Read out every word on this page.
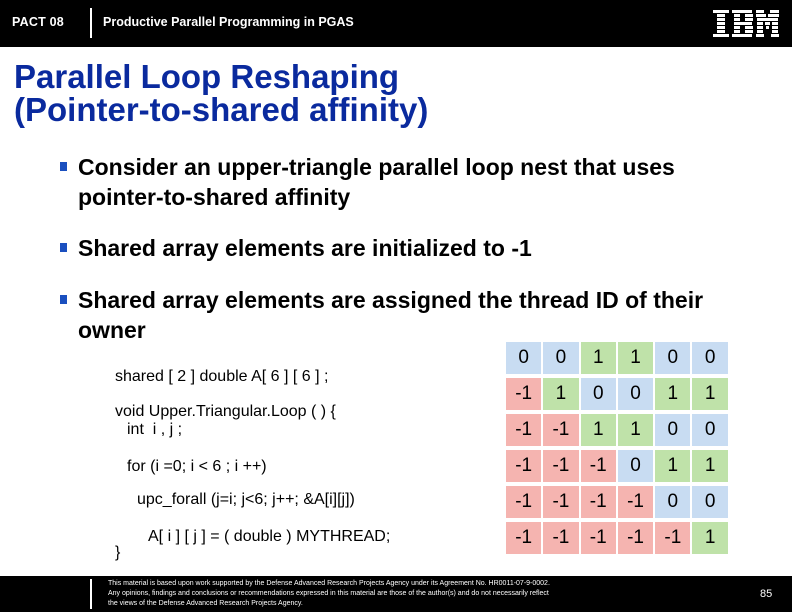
PACT 08	Productive Parallel Programming in PGAS
Parallel Loop Reshaping
(Pointer-to-shared affinity)
Consider an upper-triangle parallel loop nest that uses pointer-to-shared affinity
Shared array elements are initialized to -1
Shared array elements are assigned the thread ID of their owner
shared [ 2 ] double A[ 6 ] [ 6 ] ;
void Upper.Triangular.Loop ( ) {
int  i , j ;
for (i =0; i < 6 ; i ++)
upc_forall (j=i; j<6; j++; &A[i][j])
A[ i ] [ j ] = ( double ) MYTHREAD;
}
0	0	1	1	0	0
-1	1	0	0	1	1
-1	-1	1	1	0	0
-1	-1	-1	0	1	1
-1	-1	-1	-1	0	0
-1	-1	-1	-1	-1	1
This material is based upon work supported by the Defense Advanced Research Projects Agency under its Agreement No. HR0011-07-9-0002.
Any opinions, findings and conclusions or recommendations expressed in this material are those of the author(s) and do not necessarily reflect
the views of the Defense Advanced Research Projects Agency.
85
